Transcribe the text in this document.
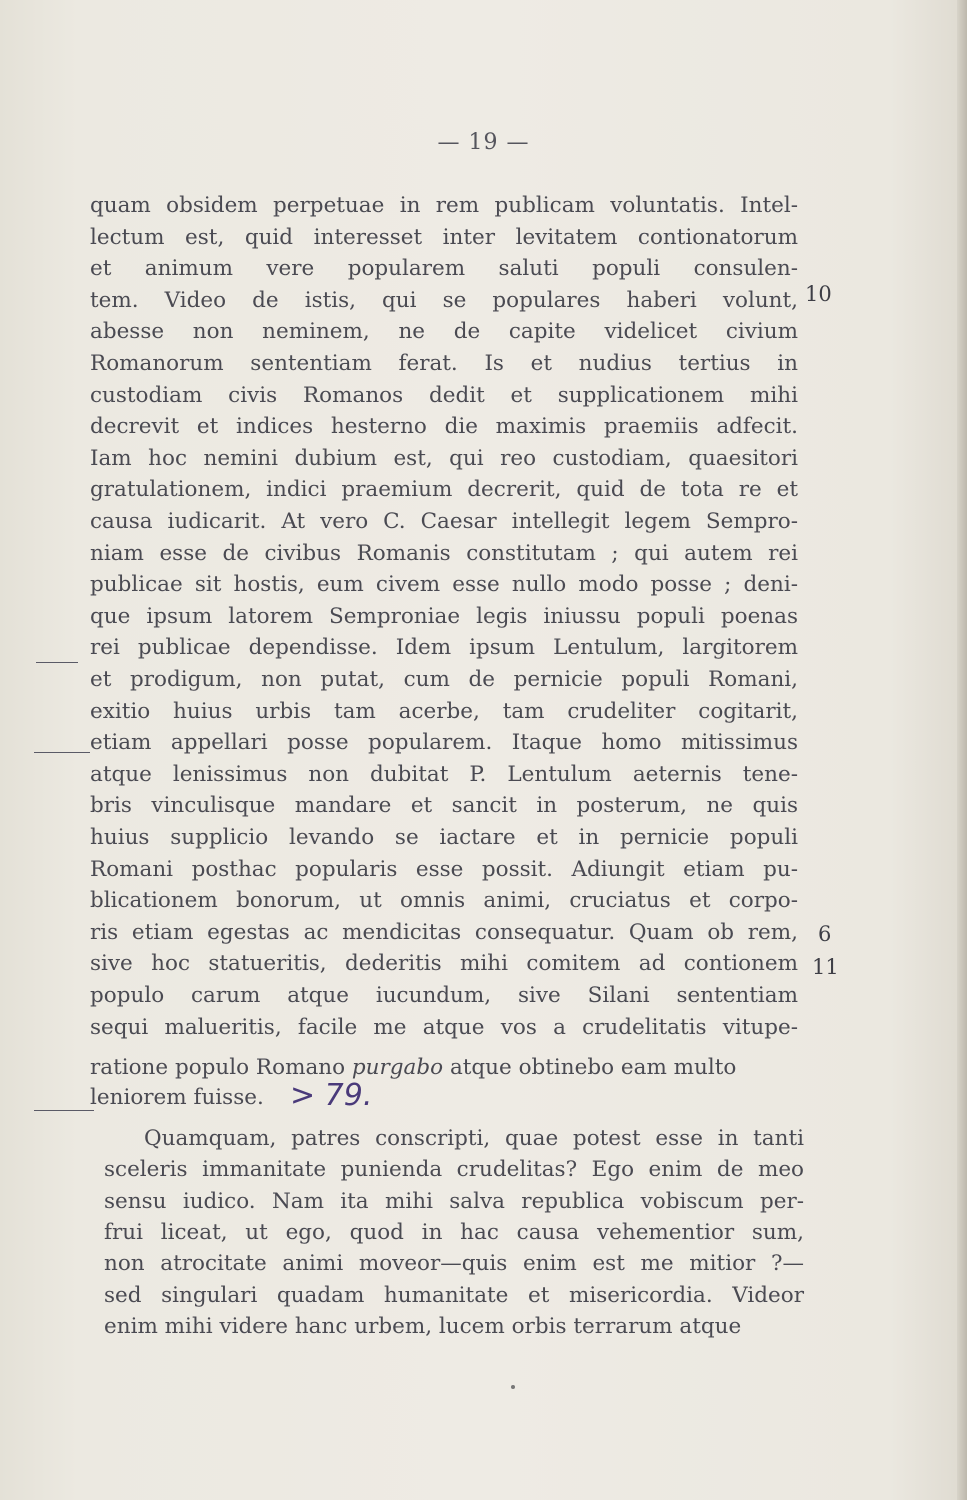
— 19 —
quam obsidem perpetuae in rem publicam voluntatis. Intel-
lectum est, quid interesset inter levitatem contionatorum
et animum vere popularem saluti populi consulen-
tem. Video de istis, qui se populares haberi volunt,
abesse non neminem, ne de capite videlicet civium
Romanorum sententiam ferat. Is et nudius tertius in
custodiam civis Romanos dedit et supplicationem mihi
decrevit et indices hesterno die maximis praemiis adfecit.
Iam hoc nemini dubium est, qui reo custodiam, quaesitori
gratulationem, indici praemium decrerit, quid de tota re et
causa iudicarit. At vero C. Caesar intellegit legem Sempro-
niam esse de civibus Romanis constitutam ; qui autem rei
publicae sit hostis, eum civem esse nullo modo posse ; deni-
que ipsum latorem Semproniae legis iniussu populi poenas
rei publicae dependisse. Idem ipsum Lentulum, largitorem
et prodigum, non putat, cum de pernicie populi Romani,
exitio huius urbis tam acerbe, tam crudeliter cogitarit,
etiam appellari posse popularem. Itaque homo mitissimus
atque lenissimus non dubitat P. Lentulum aeternis tene-
bris vinculisque mandare et sancit in posterum, ne quis
huius supplicio levando se iactare et in pernicie populi
Romani posthac popularis esse possit. Adiungit etiam pu-
blicationem bonorum, ut omnis animi, cruciatus et corpo-
ris etiam egestas ac mendicitas consequatur. Quam ob rem,
sive hoc statueritis, dederitis mihi comitem ad contionem
populo carum atque iucundum, sive Silani sententiam
sequi malueritis, facile me atque vos a crudelitatis vitupe-
ratione populo Romano purgabo atque obtinebo eam multo
leniorem fuisse.
Quamquam, patres conscripti, quae potest esse in tanti
sceleris immanitate punienda crudelitas? Ego enim de meo
sensu iudico. Nam ita mihi salva republica vobiscum per-
frui liceat, ut ego, quod in hac causa vehementior sum,
non atrocitate animi moveor—quis enim est me mitior ?—
sed singulari quadam humanitate et misericordia. Videor
enim mihi videre hanc urbem, lucem orbis terrarum atque
10
6
11
> 79.
